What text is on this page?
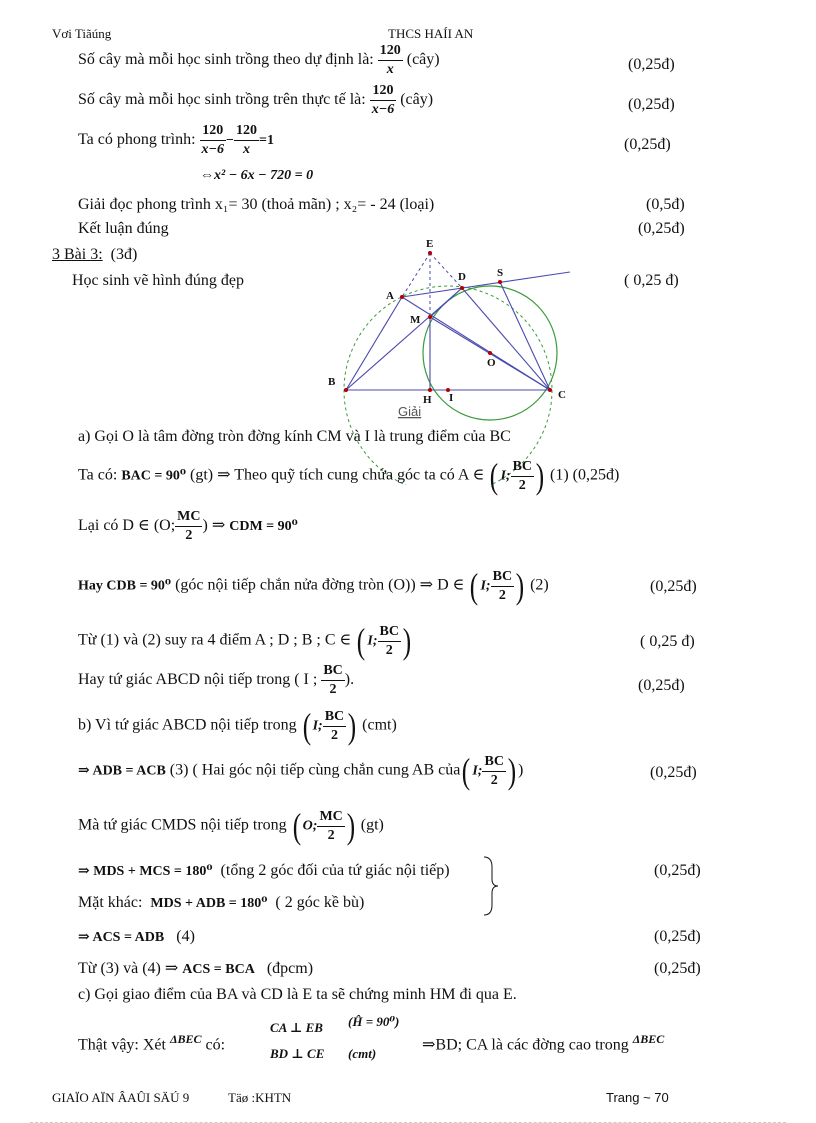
Vơi Tiãúng	THCS HAÍI AN
Số cây mà mỗi học sinh trồng theo dự định là: $\frac{120}{x}$ (cây)	(0,25đ)
Số cây mà mỗi học sinh trồng trên thực tế là: $\frac{120}{x-6}$ (cây)	(0,25đ)
Ta có phong trình: $\frac{120}{x-6} - \frac{120}{x} =1$	(0,25đ)
⇔x² − 6x − 720 = 0
Giải đọc phong trình x₁= 30 (thoả mãn) ; x₂= - 24 (loại)	(0,5đ)
Kết luận đúng	(0,25đ)
3 Bài 3: (3đ)
Học sinh vẽ hình đúng đẹp	( 0,25 đ)
E
D	S
A
M
O
B
H I	C
Giải
a) Gọi O là tâm đờng tròn đờng kính CM và I là trung điểm của BC
Ta có: BAC = 90⁰ (gt) ⇒ Theo quỹ tích cung chứa góc ta có A ∈ ( I; $\frac{BC}{2}$ ) (1) (0,25đ)
Lại có D ∈ (O; $\frac{MC}{2}$ ) ⇒ CDM = 90⁰
Hay CDB = 90⁰ (góc nội tiếp chắn nửa đờng tròn (O)) ⇒ D ∈ ( I; $\frac{BC}{2}$ ) (2)	(0,25đ)
Từ (1) và (2) suy ra 4 điểm A ; D ; B ; C ∈ ( I; $\frac{BC}{2}$ )	( 0,25 đ)
Hay tứ giác ABCD nội tiếp trong ( I ; $\frac{BC}{2}$ ).	(0,25đ)
b) Vì tứ giác ABCD nội tiếp trong ( I; $\frac{BC}{2}$ ) (cmt)
⇒ ADB = ACB (3) ( Hai góc nội tiếp cùng chắn cung AB của( I; $\frac{BC}{2}$ ) )	(0,25đ)
Mà tứ giác CMDS nội tiếp trong ( O; $\frac{MC}{2}$ ) (gt)
⇒ MDS + MCS = 180⁰ (tổng 2 góc đối của tứ giác nội tiếp)	(0,25đ)
Mặt khác: MDS + ADB = 180⁰ ( 2 góc kề bù)
⇒ ACS = ADB (4)	(0,25đ)
Từ (3) và (4) ⇒ ACS = BCA (đpcm)	(0,25đ)
c) Gọi giao điểm của BA và CD là E ta sẽ chứng minh HM đi qua E.
Thật vậy: Xét $^{\Delta BEC}$ có:
CA ⊥ EB (Ĥ = 90⁰)
BD ⊥ CE (cmt)
⇒BD; CA là các đờng cao trong $^{\Delta BEC}$
GIAÏO AÏN ÂAÛI SÄÚ 9	Täø :KHTN	Trang ~ 70
